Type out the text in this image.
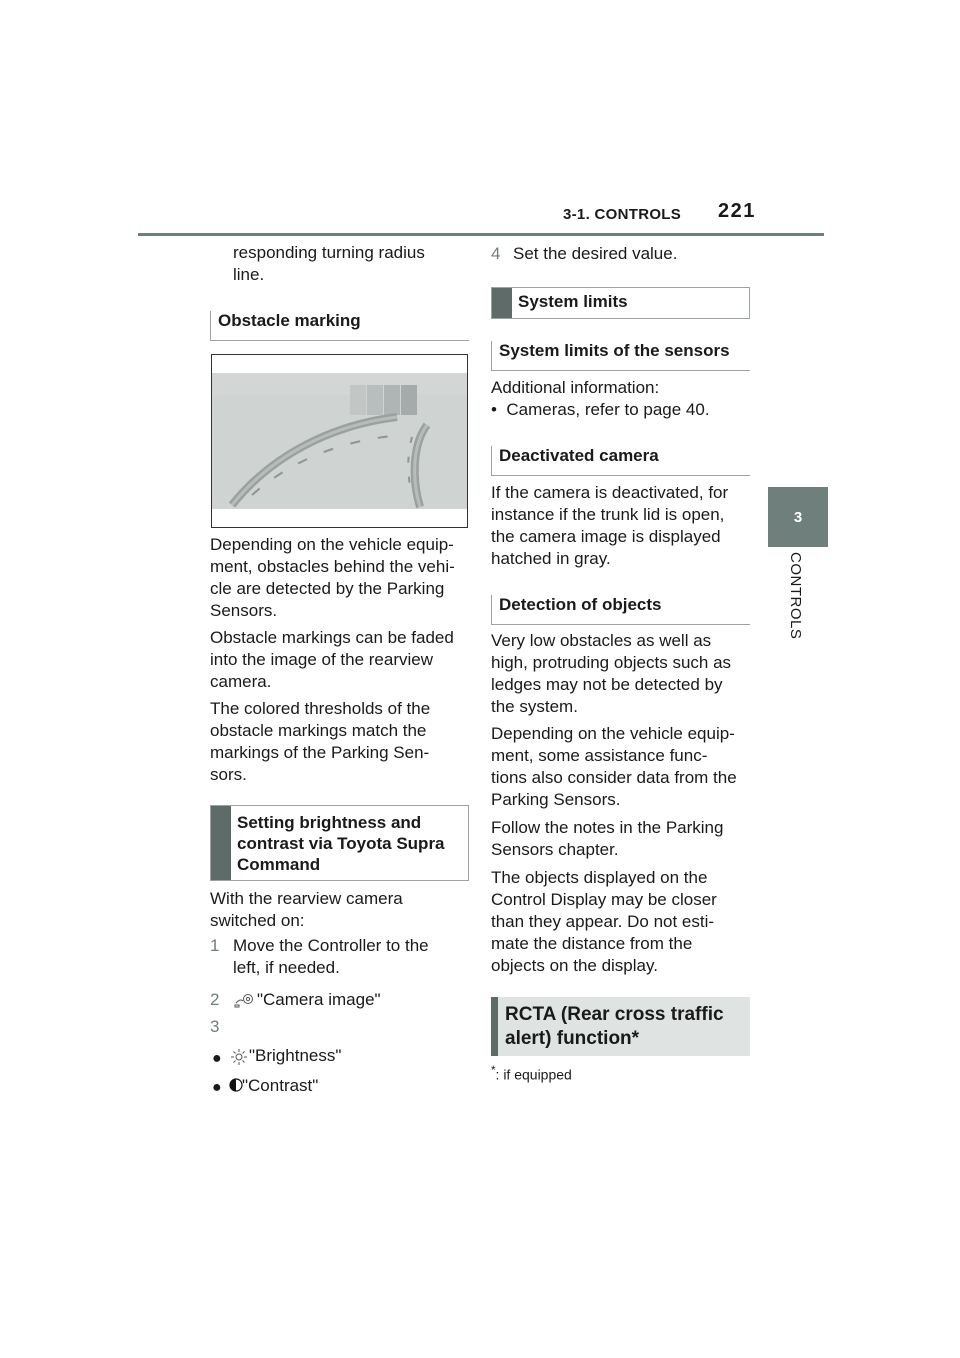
3-1. CONTROLS 221
3
CONTROLS
responding turning radius
line.
Obstacle marking
Depending on the vehicle equip-
ment, obstacles behind the vehi-
cle are detected by the Parking
Sensors.
Obstacle markings can be faded
into the image of the rearview
camera.
The colored thresholds of the
obstacle markings match the
markings of the Parking Sen-
sors.
Setting brightness and
contrast via Toyota Supra
Command
With the rearview camera
switched on:
1 Move the Controller to the
left, if needed.
2 "Camera image"
3
● "Brightness"
● "Contrast"
4 Set the desired value.
System limits
System limits of the sensors
Additional information:
•  Cameras, refer to page 40.
Deactivated camera
If the camera is deactivated, for
instance if the trunk lid is open,
the camera image is displayed
hatched in gray.
Detection of objects
Very low obstacles as well as
high, protruding objects such as
ledges may not be detected by
the system.
Depending on the vehicle equip-
ment, some assistance func-
tions also consider data from the
Parking Sensors.
Follow the notes in the Parking
Sensors chapter.
The objects displayed on the
Control Display may be closer
than they appear. Do not esti-
mate the distance from the
objects on the display.
RCTA (Rear cross traffic
alert) function*
*: if equipped
